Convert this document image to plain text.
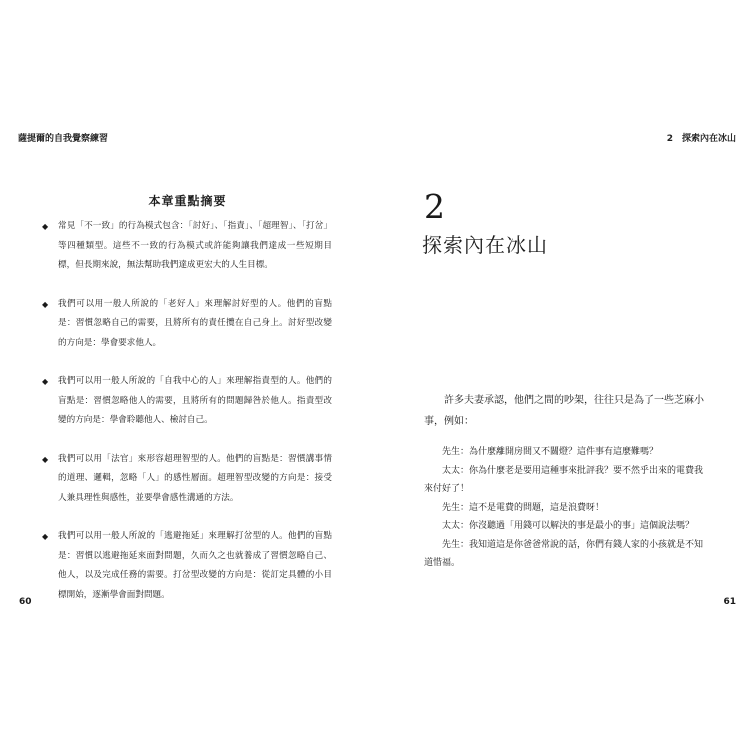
薩提爾的自我覺察練習
本章重點摘要
◆ 常見「不一致」的行為模式包含：「討好」、「指責」、「超理智」、「打岔」等四種類型。這些不一致的行為模式或許能夠讓我們達成一些短期目標，但長期來說，無法幫助我們達成更宏大的人生目標。
◆ 我們可以用一般人所說的「老好人」來理解討好型的人。他們的盲點是：習慣忽略自己的需要，且將所有的責任攬在自己身上。討好型改變的方向是：學會要求他人。
◆ 我們可以用一般人所說的「自我中心的人」來理解指責型的人。他們的盲點是：習慣忽略他人的需要，且將所有的問題歸咎於他人。指責型改變的方向是：學會聆聽他人、檢討自己。
◆ 我們可以用「法官」來形容超理智型的人。他們的盲點是：習慣講事情的道理、邏輯，忽略「人」的感性層面。超理智型改變的方向是：接受人兼具理性與感性，並要學會感性溝通的方法。
◆ 我們可以用一般人所說的「逃避拖延」來理解打岔型的人。他們的盲點是：習慣以逃避拖延來面對問題，久而久之也就養成了習慣忽略自己、他人，以及完成任務的需要。打岔型改變的方向是：從訂定具體的小目標開始，逐漸學會面對問題。
60
2　探索內在冰山
2
探索內在冰山
許多夫妻承認，他們之間的吵架，往往只是為了一些芝麻小事，例如：

先生：為什麼離開房間又不關燈？這件事有這麼難嗎？

太太：你為什麼老是要用這種事來批評我？要不然乎出來的電費我來付好了！

先生：這不是電費的問題，這是浪費呀！

太太：你沒聽過「用錢可以解決的事是最小的事」這個說法嗎？

先生：我知道這是你爸爸常說的話，你們有錢人家的小孩就是不知道惜福。

61
